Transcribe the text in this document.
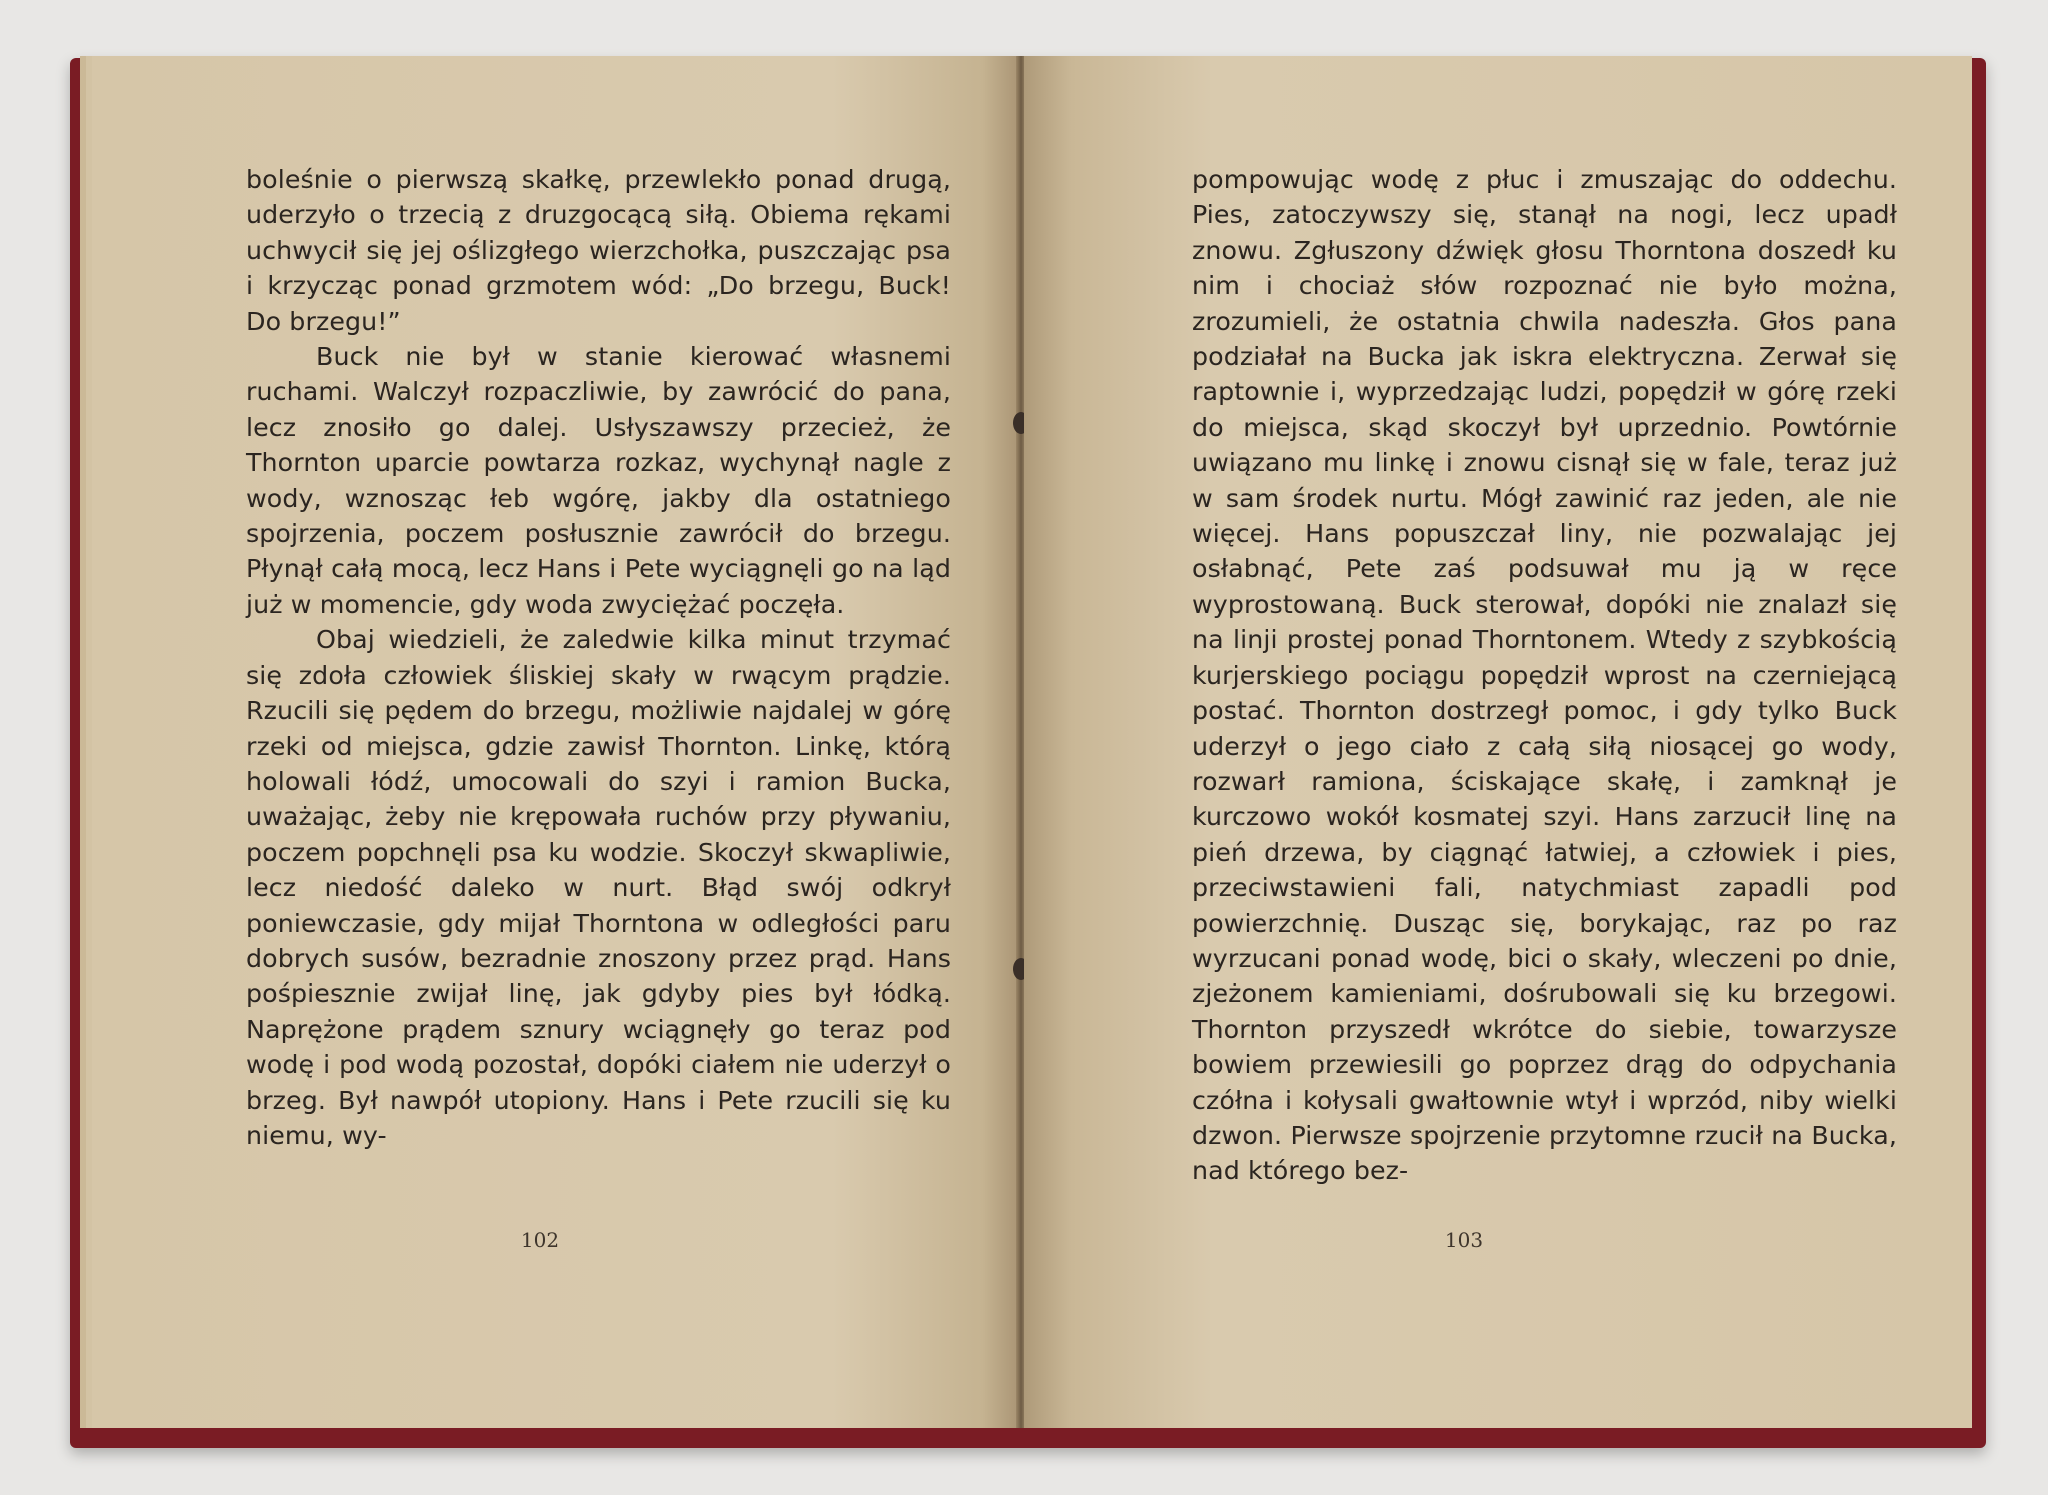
boleśnie o pierwszą skałkę, przewlekło ponad drugą, uderzyło o trzecią z druzgocącą siłą. Obiema rękami uchwycił się jej oślizgłego wierzchołka, puszczając psa i krzycząc ponad grzmotem wód: „Do brzegu, Buck! Do brzegu!”

Buck nie był w stanie kierować własnemi ruchami. Walczył rozpaczliwie, by zawrócić do pana, lecz znosiło go dalej. Usłyszawszy przecież, że Thornton uparcie powtarza rozkaz, wychynął nagle z wody, wznosząc łeb wgórę, jakby dla ostatniego spojrzenia, poczem posłusznie zawrócił do brzegu. Płynął całą mocą, lecz Hans i Pete wyciągnęli go na ląd już w momencie, gdy woda zwyciężać poczęła.

Obaj wiedzieli, że zaledwie kilka minut trzymać się zdoła człowiek śliskiej skały w rwącym prądzie. Rzucili się pędem do brzegu, możliwie najdalej w górę rzeki od miejsca, gdzie zawisł Thornton. Linkę, którą holowali łódź, umocowali do szyi i ramion Bucka, uważając, żeby nie krępowała ruchów przy pływaniu, poczem popchnęli psa ku wodzie. Skoczył skwapliwie, lecz niedość daleko w nurt. Błąd swój odkrył poniewczasie, gdy mijał Thorntona w odległości paru dobrych susów, bezradnie znoszony przez prąd. Hans pośpiesznie zwijał linę, jak gdyby pies był łódką. Naprężone prądem sznury wciągnęły go teraz pod wodę i pod wodą pozostał, dopóki ciałem nie uderzył o brzeg. Był nawpół utopiony. Hans i Pete rzucili się ku niemu, wy-

102

pompowując wodę z płuc i zmuszając do oddechu. Pies, zatoczywszy się, stanął na nogi, lecz upadł znowu. Zgłuszony dźwięk głosu Thorntona doszedł ku nim i chociaż słów rozpoznać nie było można, zrozumieli, że ostatnia chwila nadeszła. Głos pana podziałał na Bucka jak iskra elektryczna. Zerwał się raptownie i, wyprzedzając ludzi, popędził w górę rzeki do miejsca, skąd skoczył był uprzednio. Powtórnie uwiązano mu linkę i znowu cisnął się w fale, teraz już w sam środek nurtu. Mógł zawinić raz jeden, ale nie więcej. Hans popuszczał liny, nie pozwalając jej osłabnąć, Pete zaś podsuwał mu ją w ręce wyprostowaną. Buck sterował, dopóki nie znalazł się na linji prostej ponad Thorntonem. Wtedy z szybkością kurjerskiego pociągu popędził wprost na czerniejącą postać. Thornton dostrzegł pomoc, i gdy tylko Buck uderzył o jego ciało z całą siłą niosącej go wody, rozwarł ramiona, ściskające skałę, i zamknął je kurczowo wokół kosmatej szyi. Hans zarzucił linę na pień drzewa, by ciągnąć łatwiej, a człowiek i pies, przeciwstawieni fali, natychmiast zapadli pod powierzchnię. Dusząc się, borykając, raz po raz wyrzucani ponad wodę, bici o skały, wleczeni po dnie, zjeżonem kamieniami, dośrubowali się ku brzegowi. Thornton przyszedł wkrótce do siebie, towarzysze bowiem przewiesili go poprzez drąg do odpychania czółna i kołysali gwałtownie wtył i wprzód, niby wielki dzwon. Pierwsze spojrzenie przytomne rzucił na Bucka, nad którego bez-

103
